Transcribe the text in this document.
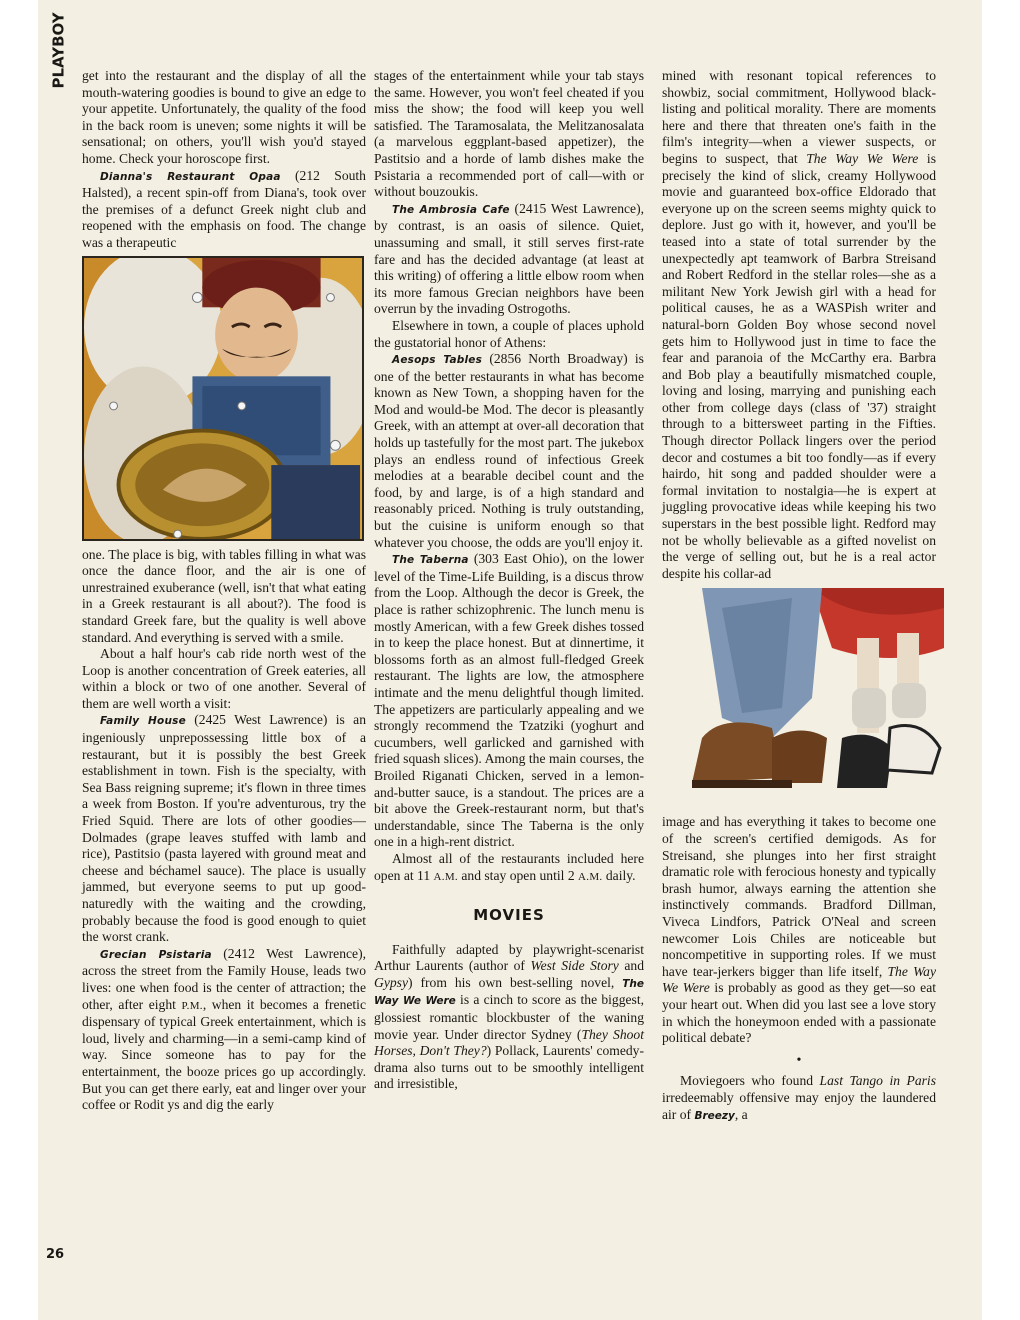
PLAYBOY
26

get into the restaurant and the display of all the mouth-watering goodies is bound to give an edge to your appetite. Unfortunately, the quality of the food in the back room is uneven; some nights it will be sensational; on others, you'll wish you'd stayed home. Check your horoscope first.

Dianna's Restaurant Opaa (212 South Halsted), a recent spin-off from Diana's, took over the premises of a defunct Greek night club and reopened with the emphasis on food. The change was a therapeutic

one. The place is big, with tables filling in what was once the dance floor, and the air is one of unrestrained exuberance (well, isn't that what eating in a Greek restaurant is all about?). The food is standard Greek fare, but the quality is well above standard. And everything is served with a smile.

About a half hour's cab ride north west of the Loop is another concentration of Greek eateries, all within a block or two of one another. Several of them are well worth a visit:

Family House (2425 West Lawrence) is an ingeniously unprepossessing little box of a restaurant, but it is possibly the best Greek establishment in town. Fish is the specialty, with Sea Bass reigning supreme; it's flown in three times a week from Boston. If you're adventurous, try the Fried Squid. There are lots of other goodies—Dolmades (grape leaves stuffed with lamb and rice), Pastitsio (pasta layered with ground meat and cheese and béchamel sauce). The place is usually jammed, but everyone seems to put up good-naturedly with the waiting and the crowding, probably because the food is good enough to quiet the worst crank.

Grecian Psistaria (2412 West Lawrence), across the street from the Family House, leads two lives: one when food is the center of attraction; the other, after eight P.M., when it becomes a frenetic dispensary of typical Greek entertainment, which is loud, lively and charming—in a semi-camp kind of way. Since someone has to pay for the entertainment, the booze prices go up accordingly. But you can get there early, eat and linger over your coffee or Rodit ys and dig the early

stages of the entertainment while your tab stays the same. However, you won't feel cheated if you miss the show; the food will keep you well satisfied. The Taramosalata, the Melitzanosalata (a marvelous eggplant-based appetizer), the Pastitsio and a horde of lamb dishes make the Psistaria a recommended port of call—with or without bouzoukis.

The Ambrosia Cafe (2415 West Lawrence), by contrast, is an oasis of silence. Quiet, unassuming and small, it still serves first-rate fare and has the decided advantage (at least at this writing) of offering a little elbow room when its more famous Grecian neighbors have been overrun by the invading Ostrogoths.

Elsewhere in town, a couple of places uphold the gustatorial honor of Athens:

Aesops Tables (2856 North Broadway) is one of the better restaurants in what has become known as New Town, a shopping haven for the Mod and would-be Mod. The decor is pleasantly Greek, with an attempt at over-all decoration that holds up tastefully for the most part. The jukebox plays an endless round of infectious Greek melodies at a bearable decibel count and the food, by and large, is of a high standard and reasonably priced. Nothing is truly outstanding, but the cuisine is uniform enough so that whatever you choose, the odds are you'll enjoy it.

The Taberna (303 East Ohio), on the lower level of the Time-Life Building, is a discus throw from the Loop. Although the decor is Greek, the place is rather schizophrenic. The lunch menu is mostly American, with a few Greek dishes tossed in to keep the place honest. But at dinnertime, it blossoms forth as an almost full-fledged Greek restaurant. The lights are low, the atmosphere intimate and the menu delightful though limited. The appetizers are particularly appealing and we strongly recommend the Tzatziki (yoghurt and cucumbers, well garlicked and garnished with fried squash slices). Among the main courses, the Broiled Riganati Chicken, served in a lemon-and-butter sauce, is a standout. The prices are a bit above the Greek-restaurant norm, but that's understandable, since The Taberna is the only one in a high-rent district.

Almost all of the restaurants included here open at 11 A.M. and stay open until 2 A.M. daily.

MOVIES

Faithfully adapted by playwright-scenarist Arthur Laurents (author of West Side Story and Gypsy) from his own best-selling novel, The Way We Were is a cinch to score as the biggest, glossiest romantic blockbuster of the waning movie year. Under director Sydney (They Shoot Horses, Don't They?) Pollack, Laurents' comedy-drama also turns out to be smoothly intelligent and irresistible,

mined with resonant topical references to showbiz, social commitment, Hollywood black-listing and political morality. There are moments here and there that threaten one's faith in the film's integrity—when a viewer suspects, or begins to suspect, that The Way We Were is precisely the kind of slick, creamy Hollywood movie and guaranteed box-office Eldorado that everyone up on the screen seems mighty quick to deplore. Just go with it, however, and you'll be teased into a state of total surrender by the unexpectedly apt teamwork of Barbra Streisand and Robert Redford in the stellar roles—she as a militant New York Jewish girl with a head for political causes, he as a WASPish writer and natural-born Golden Boy whose second novel gets him to Hollywood just in time to face the fear and paranoia of the McCarthy era. Barbra and Bob play a beautifully mismatched couple, loving and losing, marrying and punishing each other from college days (class of '37) straight through to a bittersweet parting in the Fifties. Though director Pollack lingers over the period decor and costumes a bit too fondly—as if every hairdo, hit song and padded shoulder were a formal invitation to nostalgia—he is expert at juggling provocative ideas while keeping his two superstars in the best possible light. Redford may not be wholly believable as a gifted novelist on the verge of selling out, but he is a real actor despite his collar-ad

image and has everything it takes to become one of the screen's certified demigods. As for Streisand, she plunges into her first straight dramatic role with ferocious honesty and typically brash humor, always earning the attention she instinctively commands. Bradford Dillman, Viveca Lindfors, Patrick O'Neal and screen newcomer Lois Chiles are noticeable but noncompetitive in supporting roles. If we must have tear-jerkers bigger than life itself, The Way We Were is probably as good as they get—so eat your heart out. When did you last see a love story in which the honeymoon ended with a passionate political debate?

•

Moviegoers who found Last Tango in Paris irredeemably offensive may enjoy the laundered air of Breezy, a
